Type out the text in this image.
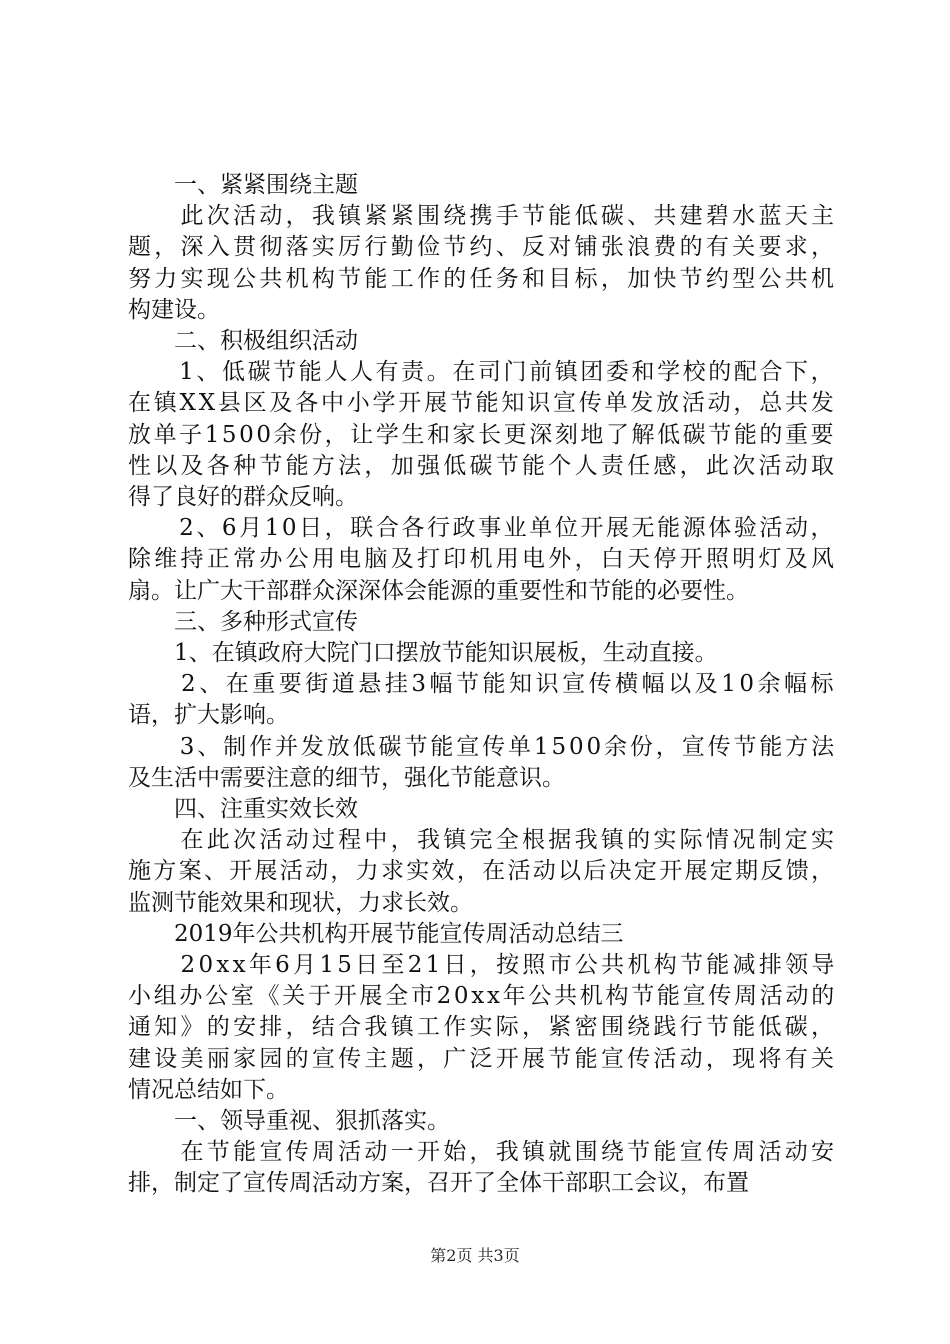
　　一、紧紧围绕主题
　　此次活动，我镇紧紧围绕携手节能低碳、共建碧水蓝天主
题，深入贯彻落实厉行勤俭节约、反对铺张浪费的有关要求，
努力实现公共机构节能工作的任务和目标，加快节约型公共机
构建设。
　　二、积极组织活动
　　1、低碳节能人人有责。在司门前镇团委和学校的配合下，
在镇XX县区及各中小学开展节能知识宣传单发放活动，总共发
放单子1500余份，让学生和家长更深刻地了解低碳节能的重要
性以及各种节能方法，加强低碳节能个人责任感，此次活动取
得了良好的群众反响。
　　2、6月10日，联合各行政事业单位开展无能源体验活动，
除维持正常办公用电脑及打印机用电外，白天停开照明灯及风
扇。让广大干部群众深深体会能源的重要性和节能的必要性。
　　三、多种形式宣传
　　1、在镇政府大院门口摆放节能知识展板，生动直接。
　　2、在重要街道悬挂3幅节能知识宣传横幅以及10余幅标
语，扩大影响。
　　3、制作并发放低碳节能宣传单1500余份，宣传节能方法
及生活中需要注意的细节，强化节能意识。
　　四、注重实效长效
　　在此次活动过程中，我镇完全根据我镇的实际情况制定实
施方案、开展活动，力求实效，在活动以后决定开展定期反馈，
监测节能效果和现状，力求长效。
　　2019年公共机构开展节能宣传周活动总结三
　　20xx年6月15日至21日，按照市公共机构节能减排领导
小组办公室《关于开展全市20xx年公共机构节能宣传周活动的
通知》的安排，结合我镇工作实际，紧密围绕践行节能低碳，
建设美丽家园的宣传主题，广泛开展节能宣传活动，现将有关
情况总结如下。
　　一、领导重视、狠抓落实。
　　在节能宣传周活动一开始，我镇就围绕节能宣传周活动安
排，制定了宣传周活动方案，召开了全体干部职工会议，布置
第2页 共3页
